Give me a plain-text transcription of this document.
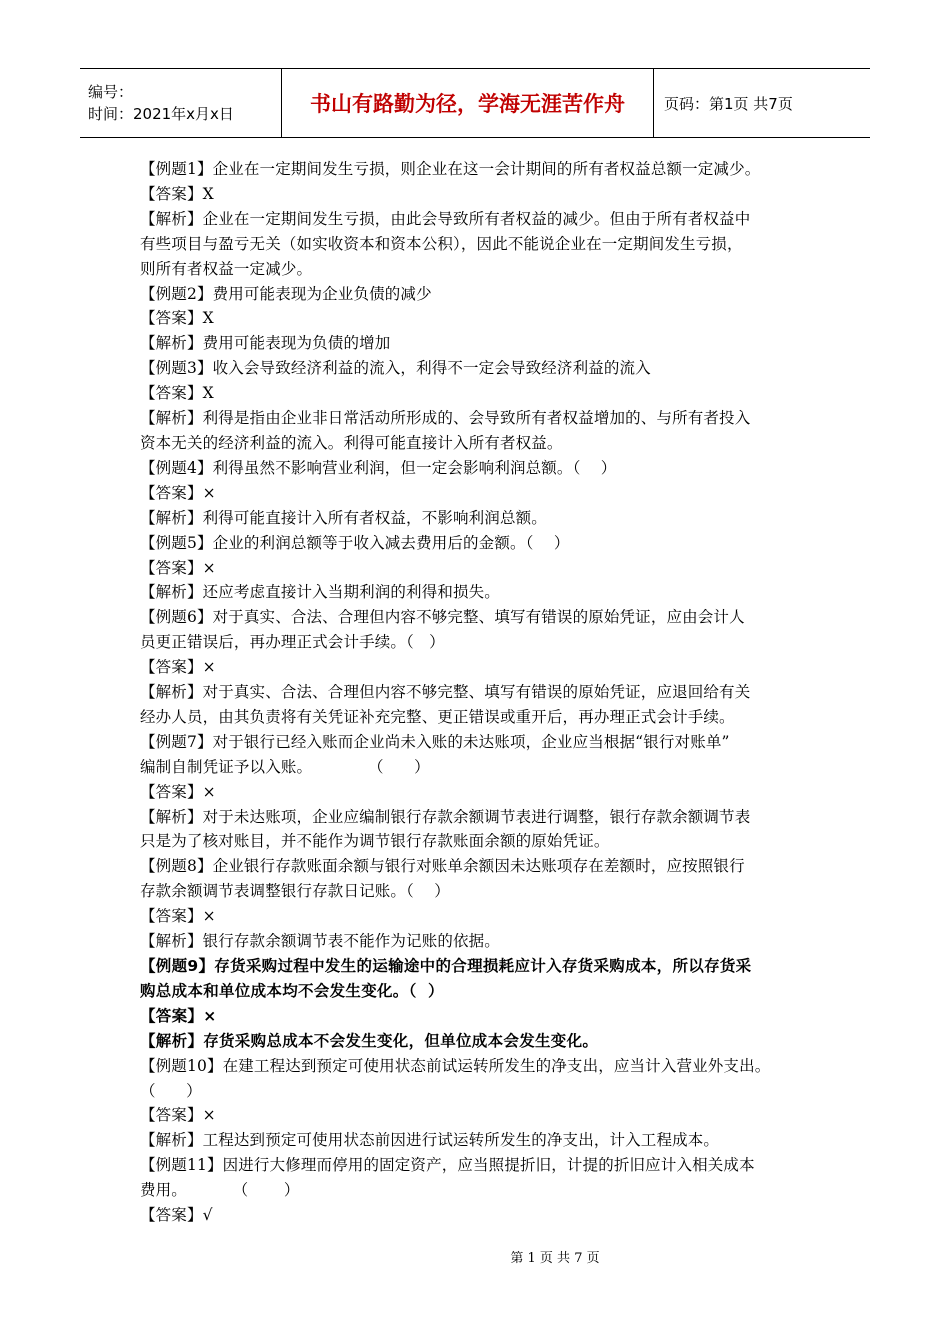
编号：
时间：2021年x月x日	书山有路勤为径，学海无涯苦作舟	页码：第1页 共7页
【例题1】企业在一定期间发生亏损，则企业在这一会计期间的所有者权益总额一定减少。
【答案】X
【解析】企业在一定期间发生亏损，由此会导致所有者权益的减少。但由于所有者权益中
有些项目与盈亏无关（如实收资本和资本公积），因此不能说企业在一定期间发生亏损，
则所有者权益一定减少。
【例题2】费用可能表现为企业负债的减少
【答案】X
【解析】费用可能表现为负债的增加
【例题3】收入会导致经济利益的流入，利得不一定会导致经济利益的流入
【答案】X
【解析】利得是指由企业非日常活动所形成的、会导致所有者权益增加的、与所有者投入
资本无关的经济利益的流入。利得可能直接计入所有者权益。
【例题4】利得虽然不影响营业利润，但一定会影响利润总额。（    ）
【答案】×
【解析】利得可能直接计入所有者权益，不影响利润总额。
【例题5】企业的利润总额等于收入减去费用后的金额。（    ）
【答案】×
【解析】还应考虑直接计入当期利润的利得和损失。
【例题6】对于真实、合法、合理但内容不够完整、填写有错误的原始凭证，应由会计人
员更正错误后，再办理正式会计手续。（   ）
【答案】×
【解析】对于真实、合法、合理但内容不够完整、填写有错误的原始凭证，应退回给有关
经办人员，由其负责将有关凭证补充完整、更正错误或重开后，再办理正式会计手续。
【例题7】对于银行已经入账而企业尚未入账的未达账项，企业应当根据“银行对账单”
编制自制凭证予以入账。           （      ）
【答案】×
【解析】对于未达账项，企业应编制银行存款余额调节表进行调整，银行存款余额调节表
只是为了核对账目，并不能作为调节银行存款账面余额的原始凭证。
【例题8】企业银行存款账面余额与银行对账单余额因未达账项存在差额时，应按照银行
存款余额调节表调整银行存款日记账。（    ）
【答案】×
【解析】银行存款余额调节表不能作为记账的依据。
【例题9】存货采购过程中发生的运输途中的合理损耗应计入存货采购成本，所以存货采
购总成本和单位成本均不会发生变化。（  ）
【答案】×
【解析】存货采购总成本不会发生变化，但单位成本会发生变化。
【例题10】在建工程达到预定可使用状态前试运转所发生的净支出，应当计入营业外支出。
（      ）
【答案】×
【解析】工程达到预定可使用状态前因进行试运转所发生的净支出，计入工程成本。
【例题11】因进行大修理而停用的固定资产，应当照提折旧，计提的折旧应计入相关成本
费用。         （       ）
【答案】√
第 1 页 共 7 页
